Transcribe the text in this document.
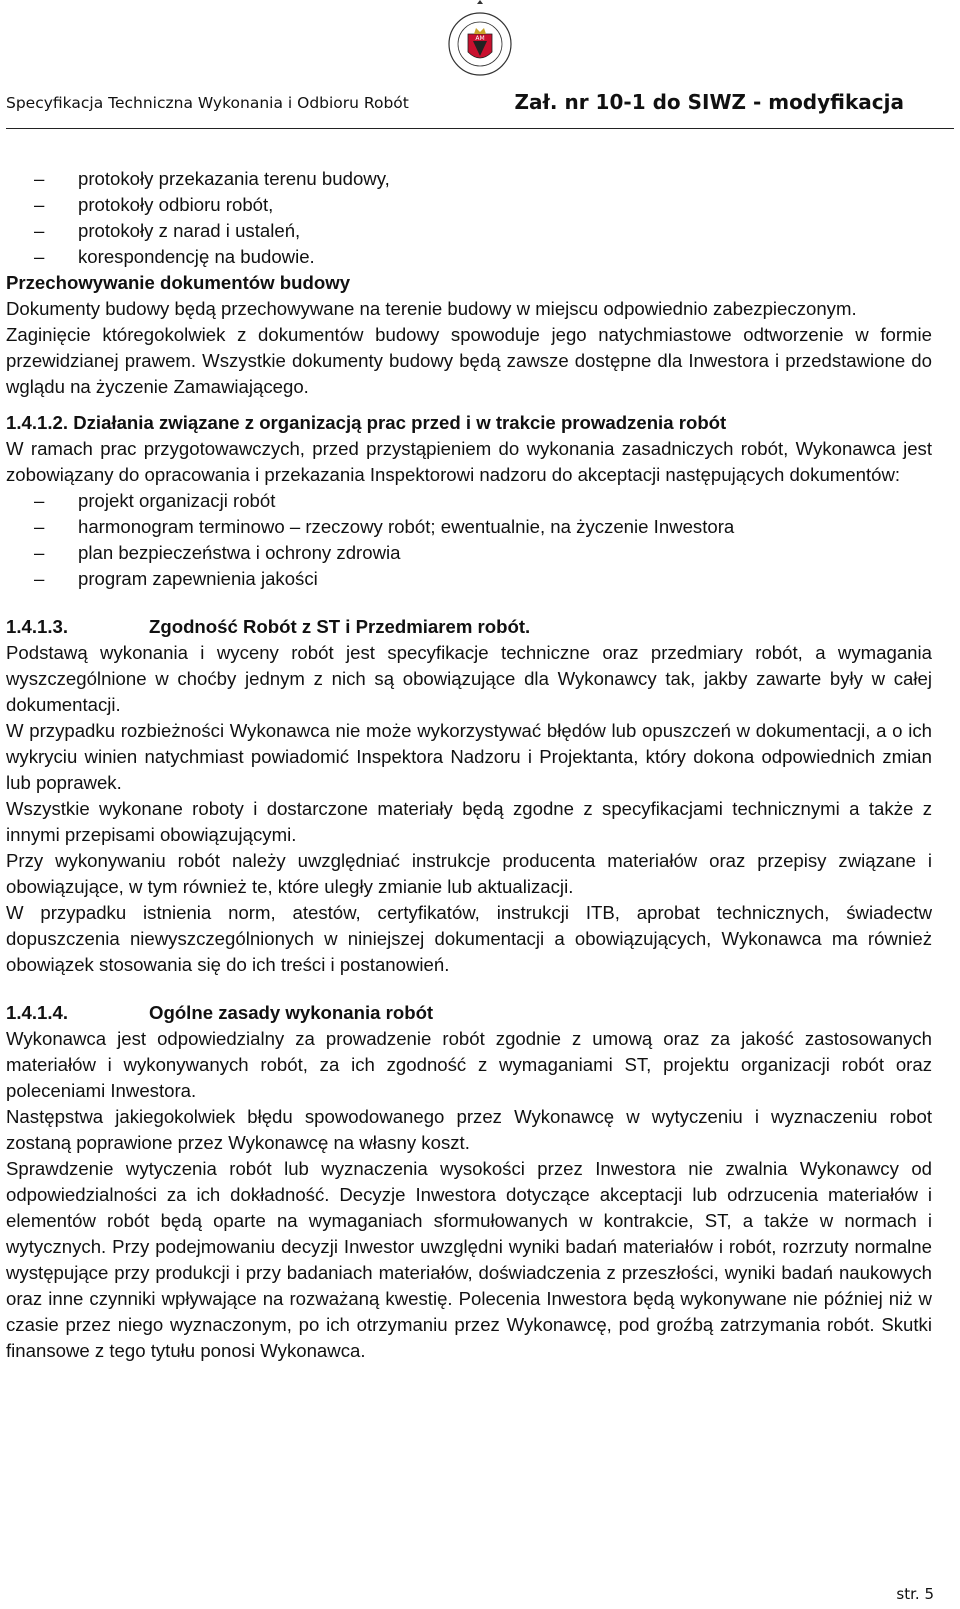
AM
Specyfikacja Techniczna Wykonania i Odbioru Robót	Zał. nr 10-1 do SIWZ - modyfikacja
– protokoły przekazania terenu budowy,
– protokoły odbioru robót,
– protokoły z narad i ustaleń,
– korespondencję na budowie.
Przechowywanie dokumentów budowy

Dokumenty budowy będą przechowywane na terenie budowy w miejscu odpowiednio zabezpieczonym.

Zaginięcie któregokolwiek z dokumentów budowy spowoduje jego natychmiastowe odtworzenie w formie przewidzianej prawem. Wszystkie dokumenty budowy będą zawsze dostępne dla Inwestora i przedstawione do wglądu na życzenie Zamawiającego.

1.4.1.2. Działania związane z organizacją prac przed i w trakcie prowadzenia robót

W ramach prac przygotowawczych, przed przystąpieniem do wykonania zasadniczych robót, Wykonawca jest zobowiązany do opracowania i przekazania Inspektorowi nadzoru do akceptacji następujących dokumentów:

– projekt organizacji robót
– harmonogram terminowo – rzeczowy robót; ewentualnie, na życzenie Inwestora
– plan bezpieczeństwa i ochrony zdrowia
– program zapewnienia jakości
1.4.1.3.	Zgodność Robót z ST i Przedmiarem robót.

Podstawą wykonania i wyceny robót jest specyfikacje techniczne oraz przedmiary robót, a wymagania wyszczególnione w choćby jednym z nich są obowiązujące dla Wykonawcy tak, jakby zawarte były w całej dokumentacji.

W przypadku rozbieżności Wykonawca nie może wykorzystywać błędów lub opuszczeń w dokumentacji, a o ich wykryciu winien natychmiast powiadomić Inspektora Nadzoru i Projektanta, który dokona odpowiednich zmian lub poprawek.

Wszystkie wykonane roboty i dostarczone materiały będą zgodne z specyfikacjami technicznymi a także z innymi przepisami obowiązującymi.

Przy wykonywaniu robót należy uwzględniać instrukcje producenta materiałów oraz przepisy związane i obowiązujące, w tym również te, które uległy zmianie lub aktualizacji.

W przypadku istnienia norm, atestów, certyfikatów, instrukcji ITB, aprobat technicznych, świadectw dopuszczenia niewyszczególnionych w niniejszej dokumentacji a obowiązujących, Wykonawca ma również obowiązek stosowania się do ich treści i postanowień.

1.4.1.4.	Ogólne zasady wykonania robót

Wykonawca jest odpowiedzialny za prowadzenie robót zgodnie z umową oraz za jakość zastosowanych materiałów i wykonywanych robót, za ich zgodność z wymaganiami ST, projektu organizacji robót oraz poleceniami Inwestora.

Następstwa jakiegokolwiek błędu spowodowanego przez Wykonawcę w wytyczeniu i wyznaczeniu robot zostaną poprawione przez Wykonawcę na własny koszt.

Sprawdzenie wytyczenia robót lub wyznaczenia wysokości przez Inwestora nie zwalnia Wykonawcy od odpowiedzialności za ich dokładność. Decyzje Inwestora dotyczące akceptacji lub odrzucenia materiałów i elementów robót będą oparte na wymaganiach sformułowanych w kontrakcie, ST, a także w normach i wytycznych. Przy podejmowaniu decyzji Inwestor uwzględni wyniki badań materiałów i robót, rozrzuty normalne występujące przy produkcji i przy badaniach materiałów, doświadczenia z przeszłości, wyniki badań naukowych oraz inne czynniki wpływające na rozważaną kwestię. Polecenia Inwestora będą wykonywane nie później niż w czasie przez niego wyznaczonym, po ich otrzymaniu przez Wykonawcę, pod groźbą zatrzymania robót. Skutki finansowe z tego tytułu ponosi Wykonawca.

str. 5
